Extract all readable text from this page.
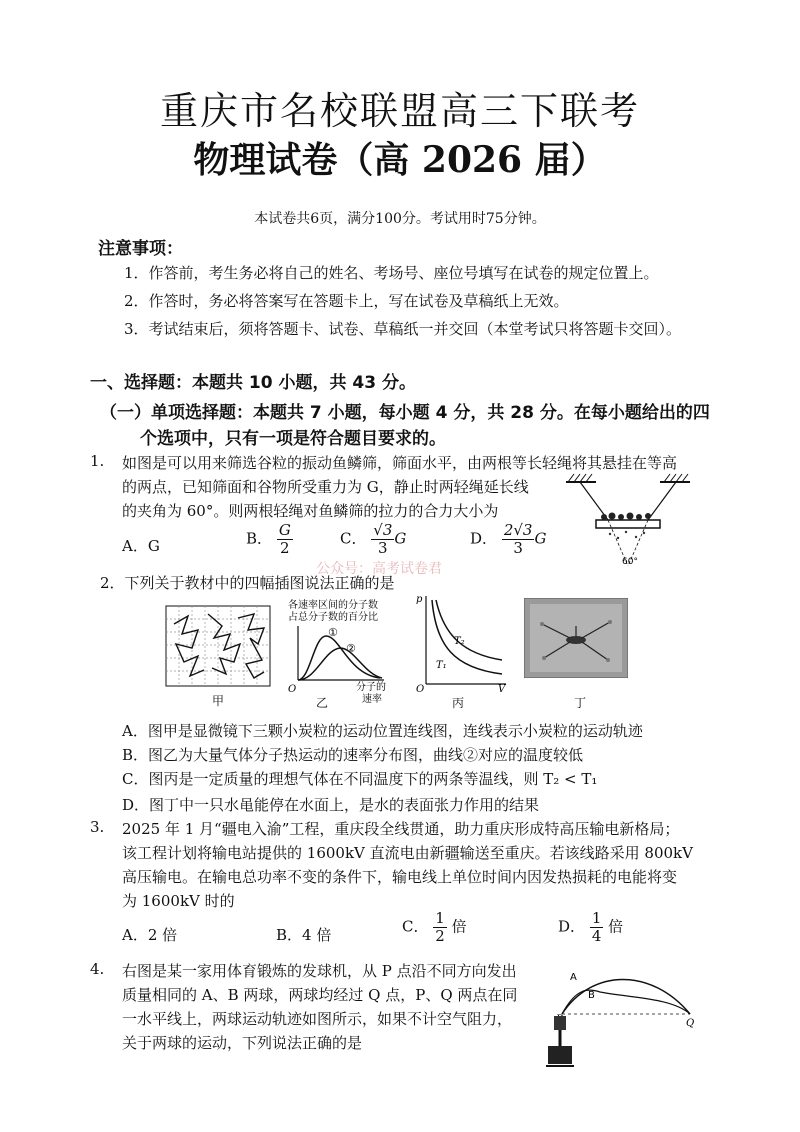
重庆市名校联盟高三下联考
物理试卷（高 2026 届）
本试卷共6页，满分100分。考试用时75分钟。
注意事项：
1．作答前，考生务必将自己的姓名、考场号、座位号填写在试卷的规定位置上。
2．作答时，务必将答案写在答题卡上，写在试卷及草稿纸上无效。
3．考试结束后，须将答题卡、试卷、草稿纸一并交回（本堂考试只将答题卡交回）。
一、选择题：本题共 10 小题，共 43 分。
（一）单项选择题：本题共 7 小题，每小题 4 分，共 28 分。在每小题给出的四
个选项中，只有一项是符合题目要求的。
1. 如图是可以用来筛选谷粒的振动鱼鳞筛，筛面水平，由两根等长轻绳将其悬挂在等高
的两点，已知筛面和谷物所受重力为 G，静止时两轻绳延长线
的夹角为 60°。则两根轻绳对鱼鳞筛的拉力的合力大小为
A．G	B． $\frac{G}{2}$	C． $\frac{√3}{3}$ G	D． $\frac{2√3}{3}$ G
60°
公众号：高考试卷君
2．下列关于教材中的四幅插图说法正确的是
甲
各速率区间的分子数
占总分子数的百分比
①
②
O	分子的
速率
乙
p
V
O
T₂
T₁
丙	丁
A．图甲是显微镜下三颗小炭粒的运动位置连线图，连线表示小炭粒的运动轨迹
B．图乙为大量气体分子热运动的速率分布图，曲线②对应的温度较低
C．图丙是一定质量的理想气体在不同温度下的两条等温线，则 T₂ < T₁
D．图丁中一只水黾能停在水面上，是水的表面张力作用的结果
3. 2025 年 1 月“疆电入渝”工程，重庆段全线贯通，助力重庆形成特高压输电新格局；
该工程计划将输电站提供的 1600kV 直流电由新疆输送至重庆。若该线路采用 800kV
高压输电。在输电总功率不变的条件下，输电线上单位时间内因发热损耗的电能将变
为 1600kV 时的
A．2 倍	B．4 倍	C． $\frac{1}{2}$ 倍	D． $\frac{1}{4}$ 倍
4. 右图是某一家用体育锻炼的发球机，从 P 点沿不同方向发出
质量相同的 A、B 两球，两球均经过 Q 点，P、Q 两点在同
一水平线上，两球运动轨迹如图所示，如果不计空气阻力，
关于两球的运动，下列说法正确的是
A
B
Q
